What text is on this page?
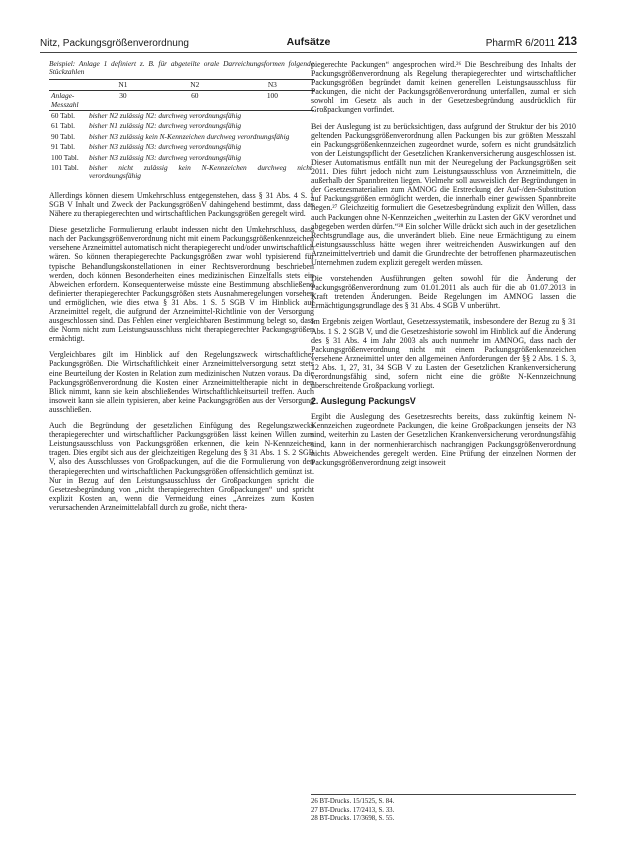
Nitz, Packungsgrößenverordnung	Aufsätze	PharmR 6/2011 213
Beispiel: Anlage 1 definiert z. B. für abgeteilte orale Darreichungsformen folgende Stückzahlen
	N1	N2	N3
Anlage-Messzahl	30	60	100
60 Tabl.	bisher N2 zulässig N2: durchweg verordnungsfähig		
61 Tabl.	bisher N1 zulässig N2: durchweg verordnungsfähig		
90 Tabl.	bisher N3 zulässig kein N-Kennzeichen durchweg verordnungsfähig		
91 Tabl.	bisher N3 zulässig N3: durchweg verordnungsfähig		
100 Tabl.	bisher N3 zulässig N3: durchweg verordnungsfähig		
101 Tabl.	bisher nicht zulässig kein N-Kennzeichen durchweg nicht verordnungsfähig		

Allerdings können diesem Umkehrschluss entgegenstehen, dass § 31 Abs. 4 S. 1 SGB V Inhalt und Zweck der PackungsgrößenV dahingehend bestimmt, dass das Nähere zu therapiegerechten und wirtschaftlichen Packungsgrößen geregelt wird.

Diese gesetzliche Formulierung erlaubt indessen nicht den Umkehrschluss, dass nach der Packungsgrößenverordnung nicht mit einem Packungsgrößenkennzeichen versehene Arzneimittel automatisch nicht therapiegerecht und/oder unwirtschaftlich wären. So können therapiegerechte Packungsgrößen zwar wohl typisierend für typische Behandlungskonstellationen in einer Rechtsverordnung beschrieben werden, doch können Besonderheiten eines medizinischen Einzelfalls stets ein Abweichen erfordern. Konsequenterweise müsste eine Bestimmung abschließend definierter therapiegerechter Packungsgrößen stets Ausnahmeregelungen vorsehen und ermöglichen, wie dies etwa § 31 Abs. 1 S. 5 SGB V im Hinblick auf Arzneimittel regelt, die aufgrund der Arzneimittel-Richtlinie von der Versorgung ausgeschlossen sind. Das Fehlen einer vergleichbaren Bestimmung belegt so, dass die Norm nicht zum Leistungsausschluss nicht therapiegerechter Packungsgrößen ermächtigt.

Vergleichbares gilt im Hinblick auf den Regelungszweck wirtschaftlicher Packungsgrößen. Die Wirtschaftlichkeit einer Arzneimittelversorgung setzt stets eine Beurteilung der Kosten in Relation zum medizinischen Nutzen voraus. Da die Packungsgrößenverordnung die Kosten einer Arzneimitteltherapie nicht in den Blick nimmt, kann sie kein abschließendes Wirtschaftlichkeitsurteil treffen. Auch insoweit kann sie allein typisieren, aber keine Packungsgrößen aus der Versorgung ausschließen.

Auch die Begründung der gesetzlichen Einfügung des Regelungszwecks therapiegerechter und wirtschaftlicher Packungsgrößen lässt keinen Willen zum Leistungsausschluss von Packungsgrößen erkennen, die kein N-Kennzeichen tragen. Dies ergibt sich aus der gleichzeitigen Regelung des § 31 Abs. 1 S. 2 SGB V, also des Ausschlusses von Großpackungen, auf die die Formulierung von den therapiegerechten und wirtschaftlichen Packungsgrößen offensichtlich gemünzt ist. Nur in Bezug auf den Leistungsausschluss der Großpackungen spricht die Gesetzesbegründung von „nicht therapiegerechten Großpackungen“ und spricht explizit Kosten an, wenn die Vermeidung eines „Anreizes zum Kosten verursachenden Arzneimittelabfall durch zu große, nicht thera-

piegerechte Packungen“ angesprochen wird.²⁶ Die Beschreibung des Inhalts der Packungsgrößenverordnung als Regelung therapiegerechter und wirtschaftlicher Packungsgrößen begründet damit keinen generellen Leistungsausschluss für Packungen, die nicht der Packungsgrößenverordnung unterfallen, zumal er sich sowohl im Gesetz als auch in der Gesetzesbegründung ausdrücklich für Großpackungen vorfindet.

Bei der Auslegung ist zu berücksichtigen, dass aufgrund der Struktur der bis 2010 geltenden Packungsgrößenverordnung allen Packungen bis zur größten Messzahl ein Packungsgrößenkennzeichen zugeordnet wurde, sofern es nicht grundsätzlich von der Leistungspflicht der Gesetzlichen Krankenversicherung ausgeschlossen ist. Dieser Automatismus entfällt nun mit der Neuregelung der Packungsgrößen seit 2011. Dies führt jedoch nicht zum Leistungsausschluss von Arzneimitteln, die außerhalb der Spannbreiten liegen. Vielmehr soll ausweislich der Begründungen in der Gesetzesmaterialien zum AMNOG die Erstreckung der Auf-/den-Substitution auf Packungsgrößen ermöglicht werden, die innerhalb einer gewissen Spannbreite liegen.²⁷ Gleichzeitig formuliert die Gesetzesbegründung explizit den Willen, dass auch Packungen ohne N-Kennzeichen „weiterhin zu Lasten der GKV verordnet und abgegeben werden dürfen.“²⁸ Ein solcher Wille drückt sich auch in der gesetzlichen Rechtsgrundlage aus, die unverändert blieb. Eine neue Ermächtigung zu einem Leistungsausschluss hätte wegen ihrer weitreichenden Auswirkungen auf den Arzneimittelvertrieb und damit die Grundrechte der betroffenen pharmazeutischen Unternehmen zudem explizit geregelt werden müssen.

Die vorstehenden Ausführungen gelten sowohl für die Änderung der Packungsgrößenverordnung zum 01.01.2011 als auch für die ab 01.07.2013 in Kraft tretenden Änderungen. Beide Regelungen im AMNOG lassen die Ermächtigungsgrundlage des § 31 Abs. 4 SGB V unberührt.

Im Ergebnis zeigen Wortlaut, Gesetzessystematik, insbesondere der Bezug zu § 31 Abs. 1 S. 2 SGB V, und die Gesetzeshistorie sowohl im Hinblick auf die Änderung des § 31 Abs. 4 im Jahr 2003 als auch nunmehr im AMNOG, dass nach der Packungsgrößenverordnung nicht mit einem Packungsgrößenkennzeichen versehene Arzneimittel unter den allgemeinen Anforderungen der §§ 2 Abs. 1 S. 3, 12 Abs. 1, 27, 31, 34 SGB V zu Lasten der Gesetzlichen Krankenversicherung verordnungsfähig sind, sofern nicht eine die größte N-Kennzeichnung überschreitende Großpackung vorliegt.

2. Auslegung PackungsV

Ergibt die Auslegung des Gesetzesrechts bereits, dass zukünftig keinem N-Kennzeichen zugeordnete Packungen, die keine Großpackungen jenseits der N3 sind, weiterhin zu Lasten der Gesetzlichen Krankenversicherung verordnungsfähig sind, kann in der normenhierarchisch nachrangigen Packungsgrößenverordnung nichts Abweichendes geregelt werden. Eine Prüfung der einzelnen Normen der Packungsgrößenverordnung zeigt insoweit

26 BT-Drucks. 15/1525, S. 84.
27 BT-Drucks. 17/2413, S. 33.
28 BT-Drucks. 17/3698, S. 55.
